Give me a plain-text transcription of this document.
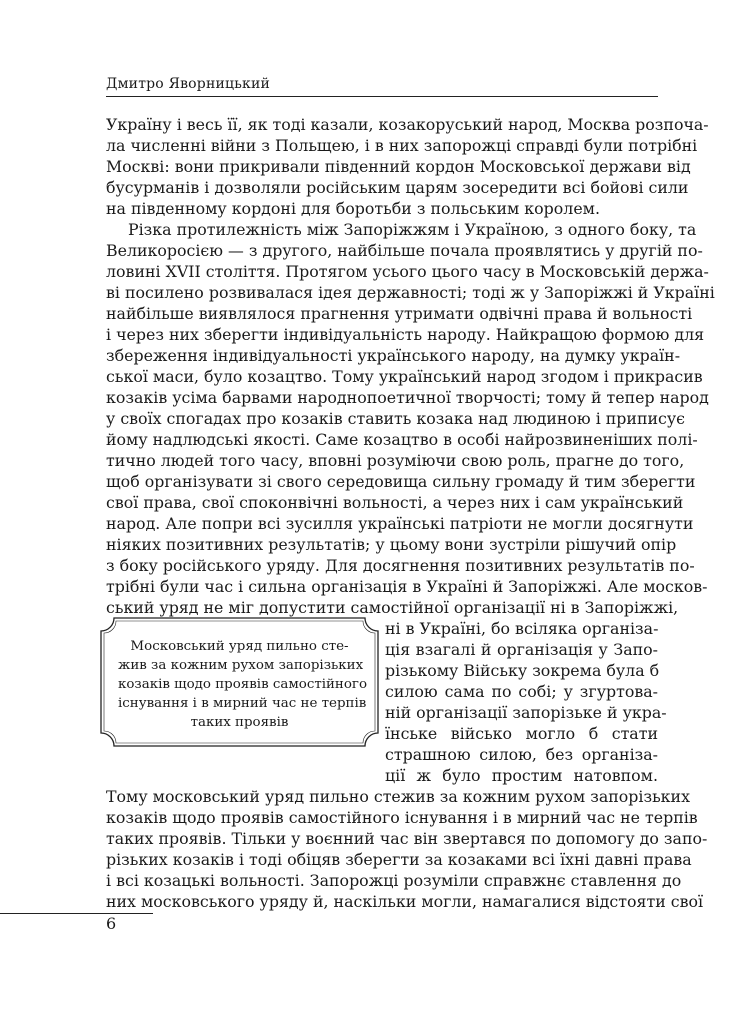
Дмитро Яворницький
Україну і весь її, як тоді казали, козакоруський народ, Москва розпоча-
ла численні війни з Польщею, і в них запорожці справді були потрібні
Москві: вони прикривали південний кордон Московської держави від
бусурманів і дозволяли російським царям зосередити всі бойові сили
на південному кордоні для боротьби з польським королем.
Різка протилежність між Запоріжжям і Україною, з одного боку, та
Великоросією — з другого, найбільше почала проявлятись у другій по-
ловині XVII століття. Протягом усього цього часу в Московській держа-
ві посилено розвивалася ідея державності; тоді ж у Запоріжжі й Україні
найбільше виявлялося прагнення утримати одвічні права й вольності
і через них зберегти індивідуальність народу. Найкращою формою для
збереження індивідуальності українського народу, на думку україн-
ської маси, було козацтво. Тому український народ згодом і прикрасив
козаків усіма барвами народнопоетичної творчості; тому й тепер народ
у своїх спогадах про козаків ставить козака над людиною і приписує
йому надлюдські якості. Саме козацтво в особі найрозвиненіших полі-
тично людей того часу, вповні розуміючи свою роль, прагне до того,
щоб організувати зі свого середовища сильну громаду й тим зберегти
свої права, свої споконвічні вольності, а через них і сам український
народ. Але попри всі зусилля українські патріоти не могли досягнути
ніяких позитивних результатів; у цьому вони зустріли рішучий опір
з боку російського уряду. Для досягнення позитивних результатів по-
трібні були час і сильна організація в Україні й Запоріжжі. Але москов-
ський уряд не міг допустити самостійної організації ні в Запоріжжі,
ні в Україні, бо всіляка організа-
ція взагалі й організація у Запо-
різькому Війську зокрема була б
силою сама по собі; у згуртова-
ній організації запорізьке й укра-
їнське військо могло б стати
страшною силою, без організа-
ції ж було простим натовпом.
Тому московський уряд пильно стежив за кожним рухом запорізьких
козаків щодо проявів самостійного існування і в мирний час не терпів
таких проявів. Тільки у воєнний час він звертався по допомогу до запо-
різьких козаків і тоді обіцяв зберегти за козаками всі їхні давні права
і всі козацькі вольності. Запорожці розуміли справжнє ставлення до
них московського уряду й, наскільки могли, намагалися відстояти свої
Московський уряд пильно сте-
жив за кожним рухом запорізьких
козаків щодо проявів самостійного
існування і в мирний час не терпів
таких проявів
6
